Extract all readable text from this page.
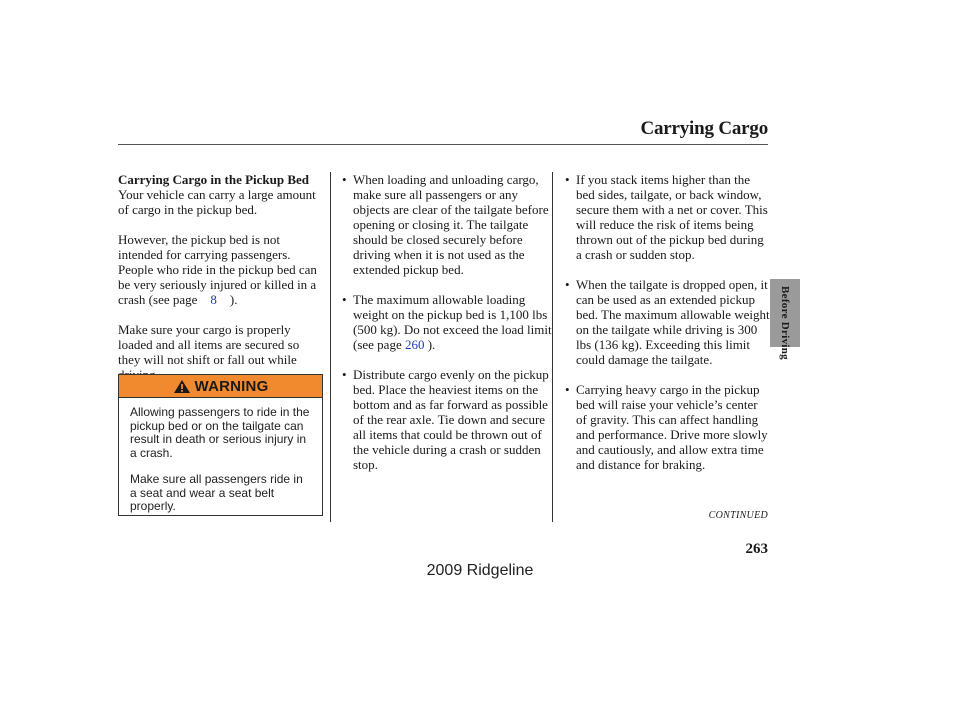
Carrying Cargo
Before Driving
Carrying Cargo in the Pickup Bed

Your vehicle can carry a large amount of cargo in the pickup bed.

However, the pickup bed is not intended for carrying passengers. People who ride in the pickup bed can be very seriously injured or killed in a crash (see page 8 ).

Make sure your cargo is properly loaded and all items are secured so they will not shift or fall out while

WARNING
Allowing passengers to ride in the pickup bed or on the tailgate can result in death or serious injury in a crash.
Make sure all passengers ride in a seat and wear a seat belt properly.
• When loading and unloading cargo, make sure all passengers or any objects are clear of the tailgate before opening or closing it. The tailgate should be closed securely before driving when it is not used as the extended pickup bed.
• The maximum allowable loading weight on the pickup bed is 1,100 lbs (500 kg). Do not exceed the load limit (see page 260 ).
• Distribute cargo evenly on the pickup bed. Place the heaviest items on the bottom and as far forward as possible of the rear axle. Tie down and secure all items that could be thrown out of the vehicle during a crash or sudden stop.
• If you stack items higher than the bed sides, tailgate, or back window, secure them with a net or cover. This will reduce the risk of items being thrown out of the pickup bed during a crash or sudden stop.
• When the tailgate is dropped open, it can be used as an extended pickup bed. The maximum allowable weight on the tailgate while driving is 300 lbs (136 kg). Exceeding this limit could damage the tailgate.
• Carrying heavy cargo in the pickup bed will raise your vehicle’s center of gravity. This can affect handling and performance. Drive more slowly and cautiously, and allow extra time and distance for braking.
CONTINUED
263
2009 Ridgeline
